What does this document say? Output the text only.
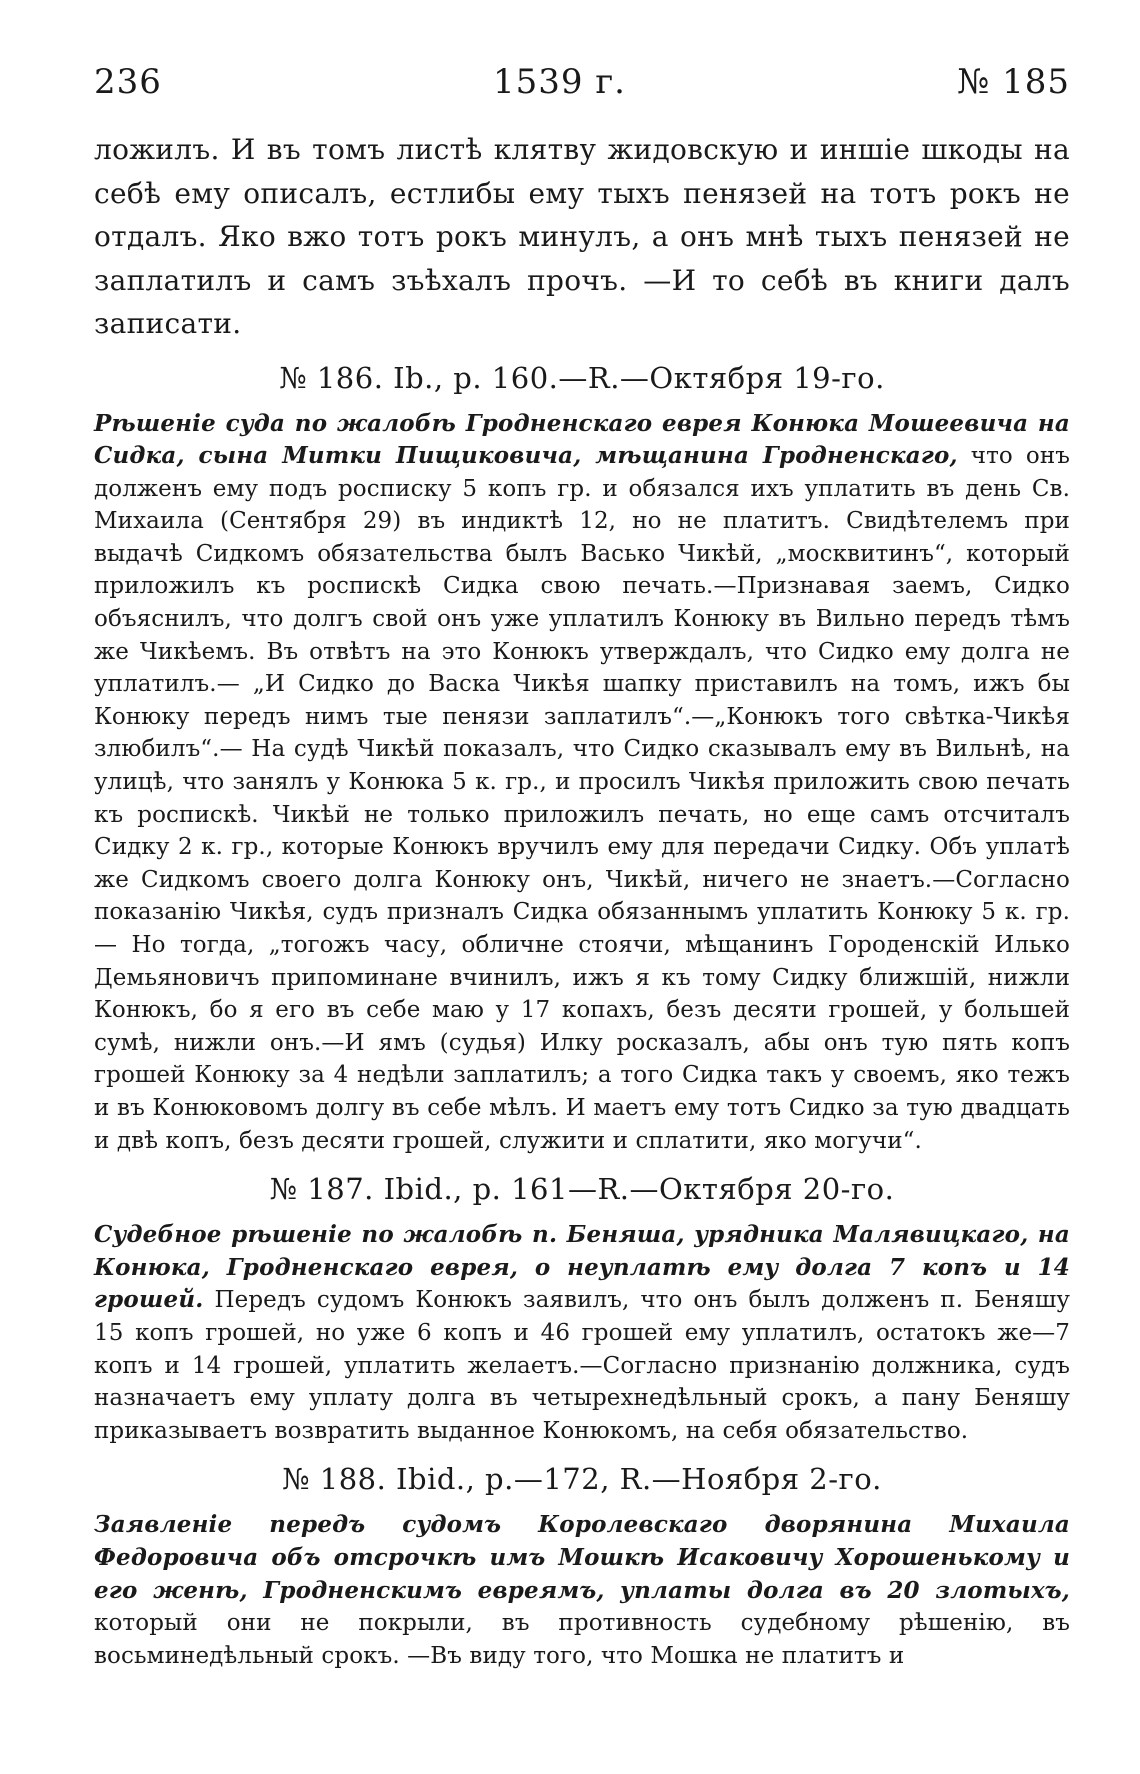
236	1539 г.	№ 185

ложилъ. И въ томъ листѣ клятву жидовскую и иншіе шкоды на себѣ ему описалъ, естлибы ему тыхъ пенязей на тотъ рокъ не отдалъ. Яко вжо тотъ рокъ минулъ, а онъ мнѣ тыхъ пенязей не заплатилъ и самъ зъѣхалъ прочъ. —И то себѣ въ книги далъ записати.

№ 186. Ib., p. 160.—R.—Октября 19-го.

Рѣшеніе суда по жалобѣ Гродненскаго еврея Конюка Мошеевича на Сидка, сына Митки Пищиковича, мѣщанина Гродненскаго, что онъ долженъ ему подъ росписку 5 копъ гр. и обязался ихъ уплатить въ день Св. Михаила (Сентября 29) въ индиктѣ 12, но не платитъ. Свидѣтелемъ при выдачѣ Сидкомъ обязательства былъ Васько Чикѣй, „москвитинъ“, который приложилъ къ роспискѣ Сидка свою печать.—Признавая заемъ, Сидко объяснилъ, что долгъ свой онъ уже уплатилъ Конюку въ Вильно передъ тѣмъ же Чикѣемъ. Въ отвѣтъ на это Конюкъ утверждалъ, что Сидко ему долга не уплатилъ.— „И Сидко до Васка Чикѣя шапку приставилъ на томъ, ижъ бы Конюку передъ нимъ тые пенязи заплатилъ“.—„Конюкъ того свѣтка-Чикѣя злюбилъ“.— На судѣ Чикѣй показалъ, что Сидко сказывалъ ему въ Вильнѣ, на улицѣ, что занялъ у Конюка 5 к. гр., и просилъ Чикѣя приложить свою печать къ роспискѣ. Чикѣй не только приложилъ печать, но еще самъ отсчиталъ Сидку 2 к. гр., которые Конюкъ вручилъ ему для передачи Сидку. Объ уплатѣ же Сидкомъ своего долга Конюку онъ, Чикѣй, ничего не знаетъ.—Согласно показанію Чикѣя, судъ призналъ Сидка обязаннымъ уплатить Конюку 5 к. гр. — Но тогда, „тогожъ часу, обличне стоячи, мѣщанинъ Городенскій Илько Демьяновичъ припоминане вчинилъ, ижъ я къ тому Сидку ближшій, нижли Конюкъ, бо я его въ себе маю у 17 копахъ, безъ десяти грошей, у большей сумѣ, нижли онъ.—И ямъ (судья) Илку росказалъ, абы онъ тую пять копъ грошей Конюку за 4 недѣли заплатилъ; а того Сидка такъ у своемъ, яко тежъ и въ Конюковомъ долгу въ себе мѣлъ. И маетъ ему тотъ Сидко за тую двадцать и двѣ копъ, безъ десяти грошей, служити и сплатити, яко могучи“.

№ 187. Ibid., p. 161—R.—Октября 20-го.

Судебное рѣшеніе по жалобѣ п. Беняша, урядника Малявицкаго, на Конюка, Гродненскаго еврея, о неуплатѣ ему долга 7 копъ и 14 грошей. Передъ судомъ Конюкъ заявилъ, что онъ былъ долженъ п. Беняшу 15 копъ грошей, но уже 6 копъ и 46 грошей ему уплатилъ, остатокъ же—7 копъ и 14 грошей, уплатить желаетъ.—Согласно признанію должника, судъ назначаетъ ему уплату долга въ четырехнедѣльный срокъ, а пану Беняшу приказываетъ возвратить выданное Конюкомъ, на себя обязательство.

№ 188. Ibid., p.—172, R.—Ноября 2-го.

Заявленіе передъ судомъ Королевскаго дворянина Михаила Федоровича объ отсрочкѣ имъ Мошкѣ Исаковичу Хорошенькому и его женѣ, Гродненскимъ евреямъ, уплаты долга въ 20 злотыхъ, который они не покрыли, въ противность судебному рѣшенію, въ восьминедѣльный срокъ. —Въ виду того, что Мошка не платитъ и
